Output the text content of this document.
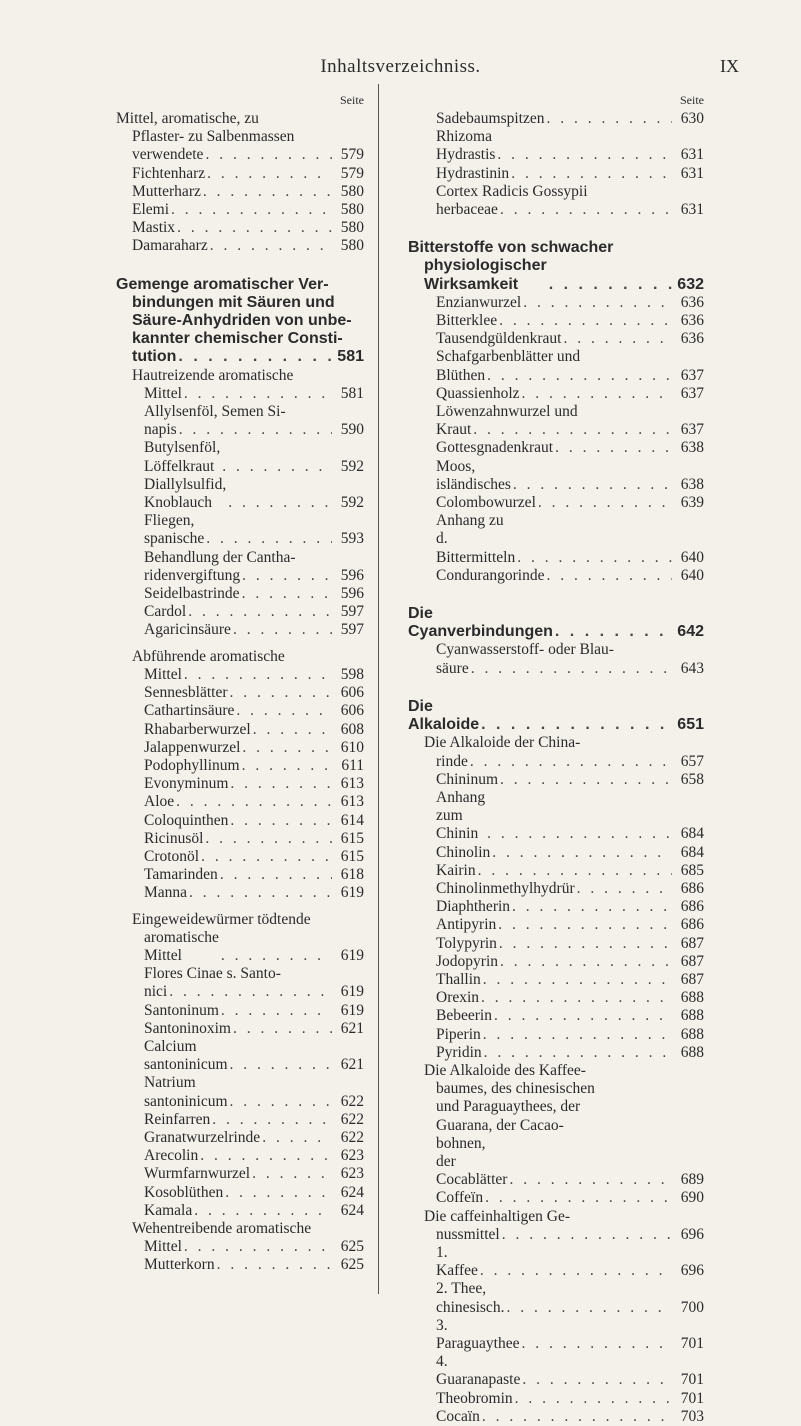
Inhaltsverzeichniss.	IX
Seite
Mittel, aromatische, zu
Pflaster- zu Salbenmassen
verwendete . . .	579
Fichtenharz . . .	579
Mutterharz . . .	580
Elemi . . .	580
Mastix . . .	580
Damaraharz . . .	580
Gemenge aromatischer Ver-
bindungen mit Säuren und
Säure-Anhydriden von unbe-
kannter chemischer Consti-
tution . . .	581
Hautreizende aromatische
Mittel . . .	581
Allylsenföl, Semen Si-
napis . . .	590
Butylsenföl, Löffelkraut . . .	592
Diallylsulfid, Knoblauch . . .	592
Fliegen, spanische . . .	593
Behandlung der Cantha-
ridenvergiftung . . .	596
Seidelbastrinde . . .	596
Cardol . . .	597
Agaricinsäure . . .	597
Abführende aromatische
Mittel . . .	598
Sennesblätter . . .	606
Cathartinsäure . . .	606
Rhabarberwurzel . . .	608
Jalappenwurzel . . .	610
Podophyllinum . . .	611
Evonyminum . . .	613
Aloe . . .	613
Coloquinthen . . .	614
Ricinusöl . . .	615
Crotonöl . . .	615
Tamarinden . . .	618
Manna . . .	619
Eingeweidewürmer tödtende
aromatische Mittel . . .	619
Flores Cinae s. Santo-
nici . . .	619
Santoninum . . .	619
Santoninoxim . . .	621
Calcium santoninicum . . .	621
Natrium santoninicum . . .	622
Reinfarren . . .	622
Granatwurzelrinde . . .	622
Arecolin . . .	623
Wurmfarnwurzel . . .	623
Kosoblüthen . . .	624
Kamala . . .	624
Wehentreibende aromatische
Mittel . . .	625
Mutterkorn . . .	625
Seite
Sadebaumspitzen . . .	630
Rhizoma Hydrastis . . .	631
Hydrastinin . . .	631
Cortex Radicis Gossypii
herbaceae . . .	631
Bitterstoffe von schwacher
physiologischer Wirksamkeit . . .	632
Enzianwurzel . . .	636
Bitterklee . . .	636
Tausendgüldenkraut . . .	636
Schafgarbenblätter und
Blüthen . . .	637
Quassienholz . . .	637
Löwenzahnwurzel und
Kraut . . .	637
Gottesgnadenkraut . . .	638
Moos, isländisches . . .	638
Colombowurzel . . .	639
Anhang zu d. Bittermitteln . . .	640
Condurangorinde . . .	640
Die Cyanverbindungen . . .	642
Cyanwasserstoff- oder Blau-
säure . . .	643
Die Alkaloide . . .	651
Die Alkaloide der China-
rinde . . .	657
Chininum . . .	658
Anhang zum Chinin . . .	684
Chinolin . . .	684
Kairin . . .	685
Chinolinmethylhydrür . . .	686
Diaphtherin . . .	686
Antipyrin . . .	686
Tolypyrin . . .	687
Jodopyrin . . .	687
Thallin . . .	687
Orexin . . .	688
Bebeerin . . .	688
Piperin . . .	688
Pyridin . . .	688
Die Alkaloide des Kaffee-
baumes, des chinesischen
und Paraguaythees, der
Guarana, der Cacao-
bohnen, der Cocablätter . . .	689
Coffeïn . . .	690
Die caffeinhaltigen Ge-
nussmittel . . .	696
1. Kaffee . . .	696
2. Thee, chinesisch. . . .	700
3. Paraguaythee . . .	701
4. Guaranapaste . . .	701
Theobromin . . .	701
Cocaïn . . .	703
